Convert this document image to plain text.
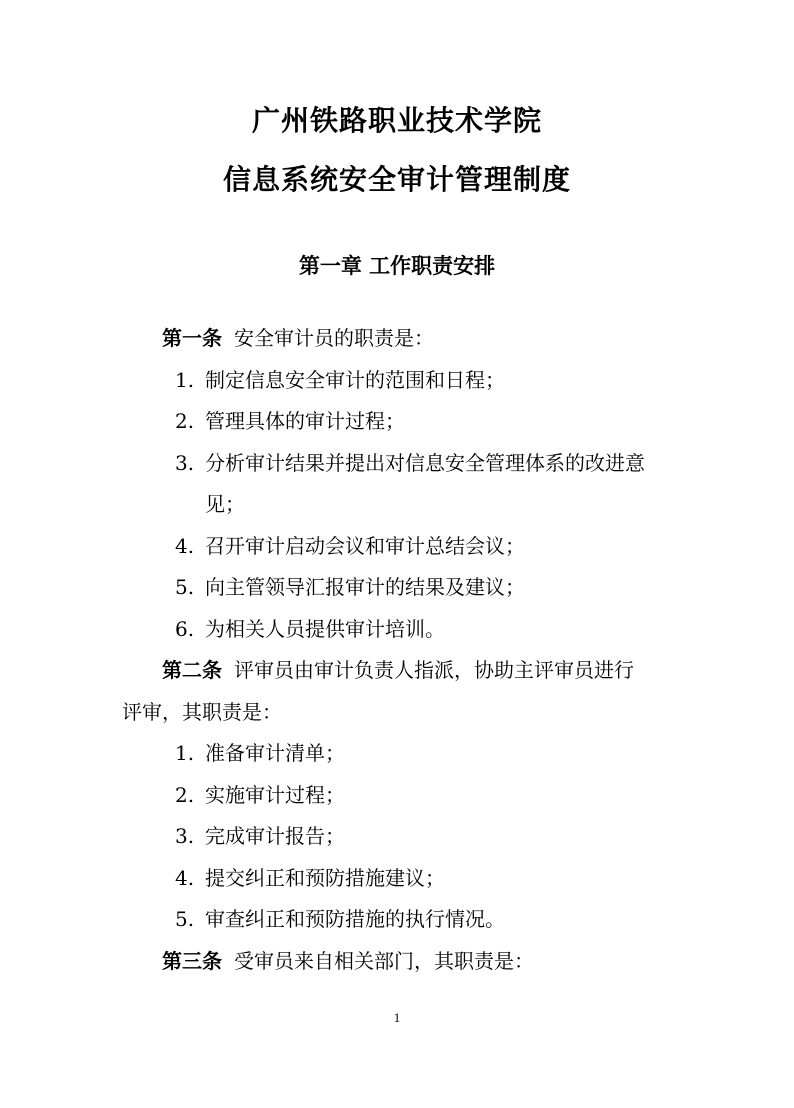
广州铁路职业技术学院
信息系统安全审计管理制度
第一章 工作职责安排
第一条 安全审计员的职责是：
1. 制定信息安全审计的范围和日程；
2. 管理具体的审计过程；
3. 分析审计结果并提出对信息安全管理体系的改进意
见；
4. 召开审计启动会议和审计总结会议；
5. 向主管领导汇报审计的结果及建议；
6. 为相关人员提供审计培训。
第二条 评审员由审计负责人指派，协助主评审员进行
评审，其职责是：
1. 准备审计清单；
2. 实施审计过程；
3. 完成审计报告；
4. 提交纠正和预防措施建议；
5. 审查纠正和预防措施的执行情况。
第三条 受审员来自相关部门，其职责是：
1
